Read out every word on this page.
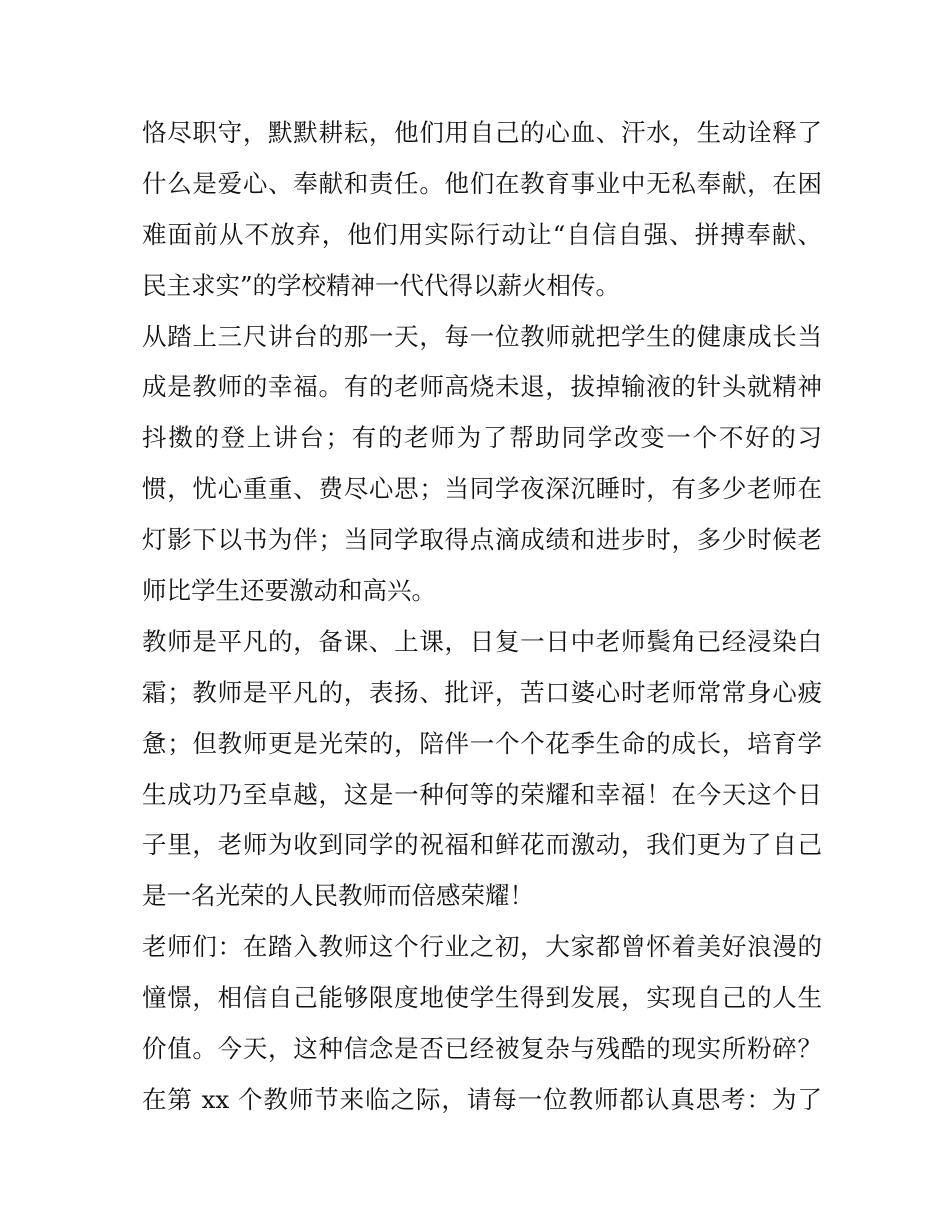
恪尽职守，默默耕耘，他们用自己的心血、汗水，生动诠释了
什么是爱心、奉献和责任。他们在教育事业中无私奉献，在困
难面前从不放弃，他们用实际行动让“自信自强、拼搏奉献、
民主求实”的学校精神一代代得以薪火相传。
从踏上三尺讲台的那一天，每一位教师就把学生的健康成长当
成是教师的幸福。有的老师高烧未退，拔掉输液的针头就精神
抖擞的登上讲台；有的老师为了帮助同学改变一个不好的习
惯，忧心重重、费尽心思；当同学夜深沉睡时，有多少老师在
灯影下以书为伴；当同学取得点滴成绩和进步时，多少时候老
师比学生还要激动和高兴。
教师是平凡的，备课、上课，日复一日中老师鬓角已经浸染白
霜；教师是平凡的，表扬、批评，苦口婆心时老师常常身心疲
惫；但教师更是光荣的，陪伴一个个花季生命的成长，培育学
生成功乃至卓越，这是一种何等的荣耀和幸福！在今天这个日
子里，老师为收到同学的祝福和鲜花而激动，我们更为了自己
是一名光荣的人民教师而倍感荣耀！
老师们：在踏入教师这个行业之初，大家都曾怀着美好浪漫的
憧憬，相信自己能够限度地使学生得到发展，实现自己的人生
价值。今天，这种信念是否已经被复杂与残酷的现实所粉碎？
在第 xx 个教师节来临之际，请每一位教师都认真思考：为了
